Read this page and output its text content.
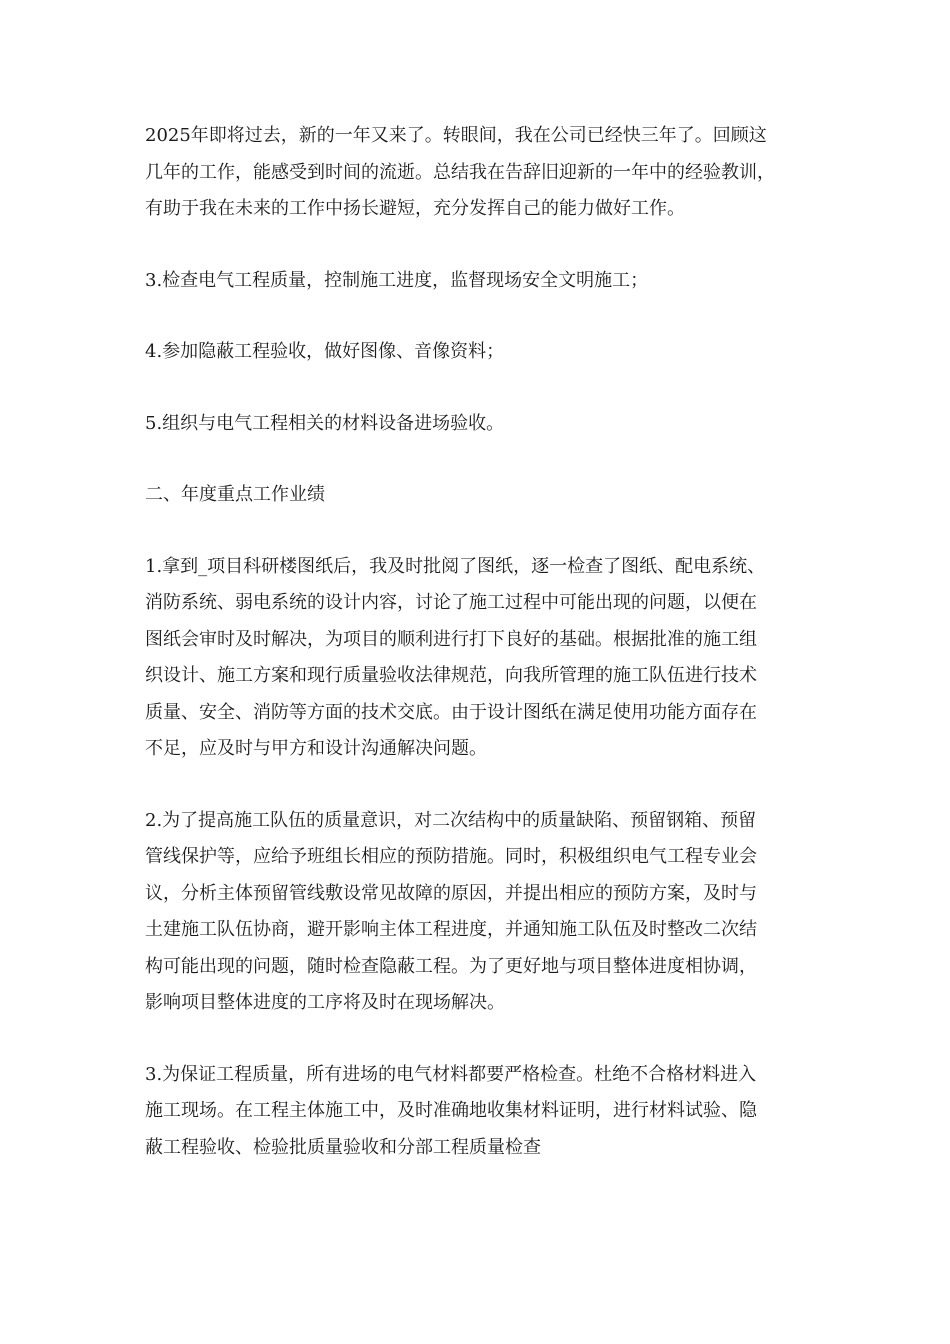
2025年即将过去，新的一年又来了。转眼间，我在公司已经快三年了。回顾这
几年的工作，能感受到时间的流逝。总结我在告辞旧迎新的一年中的经验教训，
有助于我在未来的工作中扬长避短，充分发挥自己的能力做好工作。
3.检查电气工程质量，控制施工进度，监督现场安全文明施工；
4.参加隐蔽工程验收，做好图像、音像资料；
5.组织与电气工程相关的材料设备进场验收。
二、年度重点工作业绩
1.拿到_项目科研楼图纸后，我及时批阅了图纸，逐一检查了图纸、配电系统、
消防系统、弱电系统的设计内容，讨论了施工过程中可能出现的问题，以便在
图纸会审时及时解决，为项目的顺利进行打下良好的基础。根据批准的施工组
织设计、施工方案和现行质量验收法律规范，向我所管理的施工队伍进行技术
质量、安全、消防等方面的技术交底。由于设计图纸在满足使用功能方面存在
不足，应及时与甲方和设计沟通解决问题。
2.为了提高施工队伍的质量意识，对二次结构中的质量缺陷、预留钢箱、预留
管线保护等，应给予班组长相应的预防措施。同时，积极组织电气工程专业会
议，分析主体预留管线敷设常见故障的原因，并提出相应的预防方案，及时与
土建施工队伍协商，避开影响主体工程进度，并通知施工队伍及时整改二次结
构可能出现的问题，随时检查隐蔽工程。为了更好地与项目整体进度相协调，
影响项目整体进度的工序将及时在现场解决。
3.为保证工程质量，所有进场的电气材料都要严格检查。杜绝不合格材料进入
施工现场。在工程主体施工中，及时准确地收集材料证明，进行材料试验、隐
蔽工程验收、检验批质量验收和分部工程质量检查
